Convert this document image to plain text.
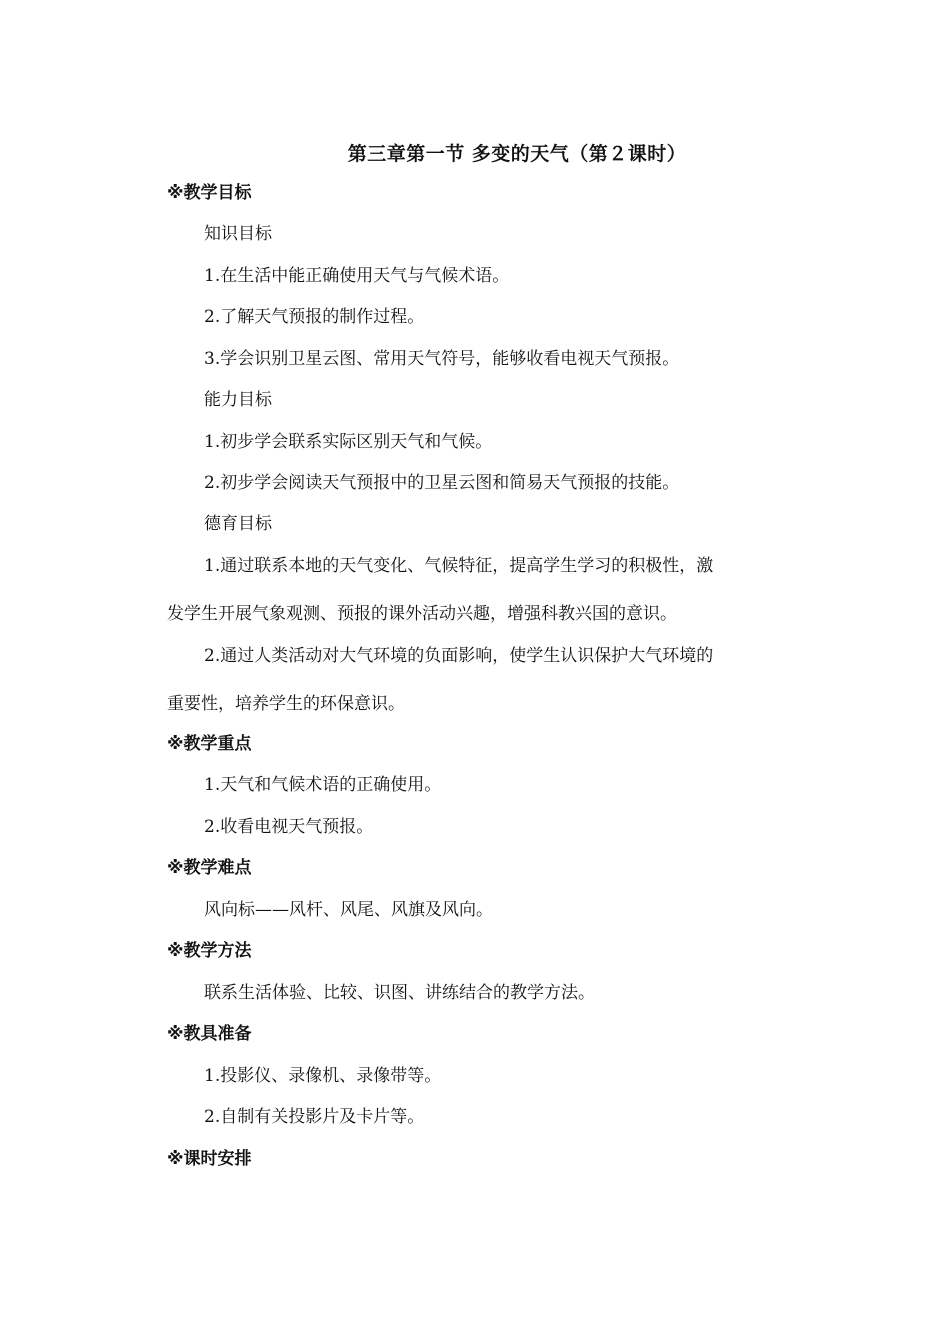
第三章第一节 多变的天气（第２课时）

※教学目标

知识目标

1.在生活中能正确使用天气与气候术语。

2.了解天气预报的制作过程。

3.学会识别卫星云图、常用天气符号，能够收看电视天气预报。

能力目标

1.初步学会联系实际区别天气和气候。

2.初步学会阅读天气预报中的卫星云图和简易天气预报的技能。

德育目标

1.通过联系本地的天气变化、气候特征，提高学生学习的积极性，激

发学生开展气象观测、预报的课外活动兴趣，增强科教兴国的意识。

2.通过人类活动对大气环境的负面影响，使学生认识保护大气环境的

重要性，培养学生的环保意识。

※教学重点

1.天气和气候术语的正确使用。

2.收看电视天气预报。

※教学难点

风向标——风杆、风尾、风旗及风向。

※教学方法

联系生活体验、比较、识图、讲练结合的教学方法。

※教具准备

1.投影仪、录像机、录像带等。

2.自制有关投影片及卡片等。

※课时安排
